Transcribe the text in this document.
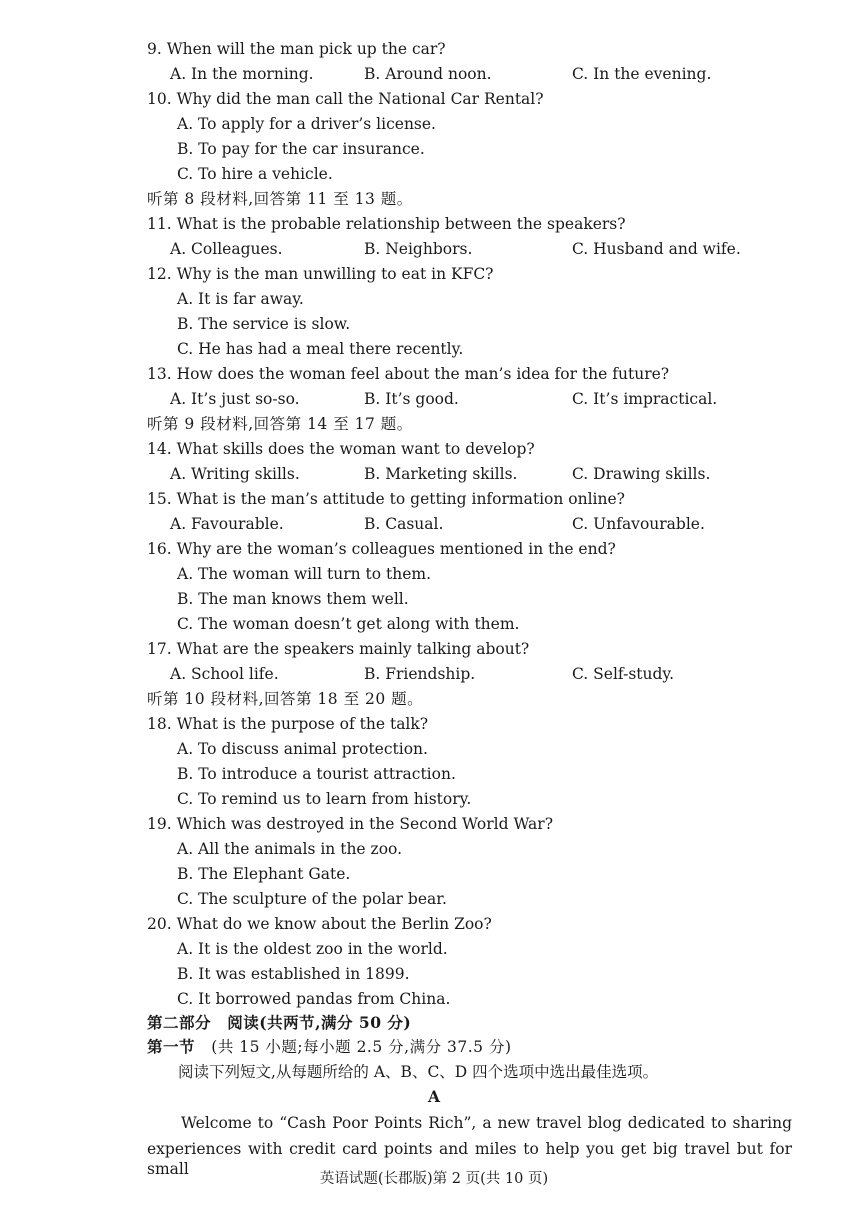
9. When will the man pick up the car?
A. In the morning.	B. Around noon.	C. In the evening.
10. Why did the man call the National Car Rental?
A. To apply for a driver’s license.
B. To pay for the car insurance.
C. To hire a vehicle.
听第 8 段材料,回答第 11 至 13 题。
11. What is the probable relationship between the speakers?
A. Colleagues.	B. Neighbors.	C. Husband and wife.
12. Why is the man unwilling to eat in KFC?
A. It is far away.
B. The service is slow.
C. He has had a meal there recently.
13. How does the woman feel about the man’s idea for the future?
A. It’s just so-so.	B. It’s good.	C. It’s impractical.
听第 9 段材料,回答第 14 至 17 题。
14. What skills does the woman want to develop?
A. Writing skills.	B. Marketing skills.	C. Drawing skills.
15. What is the man’s attitude to getting information online?
A. Favourable.	B. Casual.	C. Unfavourable.
16. Why are the woman’s colleagues mentioned in the end?
A. The woman will turn to them.
B. The man knows them well.
C. The woman doesn’t get along with them.
17. What are the speakers mainly talking about?
A. School life.	B. Friendship.	C. Self-study.
听第 10 段材料,回答第 18 至 20 题。
18. What is the purpose of the talk?
A. To discuss animal protection.
B. To introduce a tourist attraction.
C. To remind us to learn from history.
19. Which was destroyed in the Second World War?
A. All the animals in the zoo.
B. The Elephant Gate.
C. The sculpture of the polar bear.
20. What do we know about the Berlin Zoo?
A. It is the oldest zoo in the world.
B. It was established in 1899.
C. It borrowed pandas from China.
第二部分 阅读(共两节,满分 50 分)
第一节 (共 15 小题;每小题 2.5 分,满分 37.5 分)
阅读下列短文,从每题所给的 A、B、C、D 四个选项中选出最佳选项。
A
Welcome to “Cash Poor Points Rich”, a new travel blog dedicated to sharing
experiences with credit card points and miles to help you get big travel but for small
英语试题(长郡版)第 2 页(共 10 页)
